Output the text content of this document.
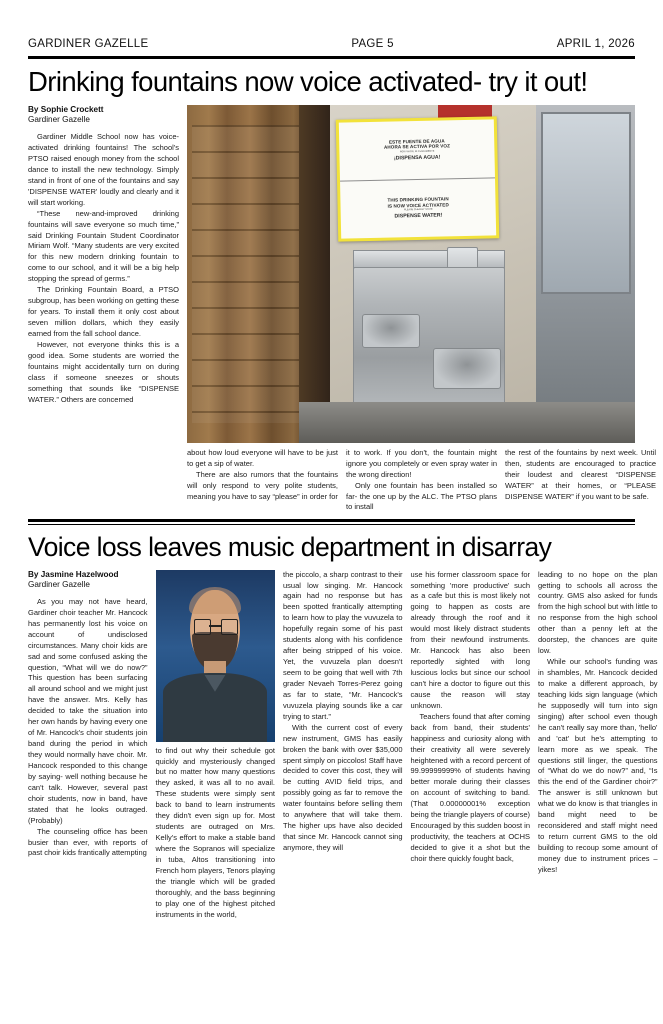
GARDINER GAZELLE	PAGE 5	APRIL 1, 2026
Drinking fountains now voice activated- try it out!
By Sophie Crockett
Gardiner Gazelle

Gardiner Middle School now has voice-activated drinking fountains! The school's PTSO raised enough money from the school dance to install the new technology. Simply stand in front of one of the fountains and say 'DISPENSE WATER' loudly and clearly and it will start working.

“These new-and-improved drinking fountains will save everyone so much time,” said Drinking Fountain Student Coordinator Miriam Wolf. “Many students are very excited for this new modern drinking fountain to come to our school, and it will be a big help stopping the spread of germs.”

The Drinking Fountain Board, a PTSO subgroup, has been working on getting these for years. To install them it only cost about seven million dollars, which they easily earned from the fall school dance.

However, not everyone thinks this is a good idea. Some students are worried the fountains might accidentally turn on during class if someone sneezes or shouts something that sounds like “DISPENSE WATER.” Others are concerned

ESTE FUENTE DE AGUA
AHORA SE ACTIVA POR VOZ
POR FAVOR, DI CLARAMENTE
¡DISPENSA AGUA!
THIS DRINKING FOUNTAIN
IS NOW VOICE ACTIVATED
PLEASE CLEARLY STATE
DISPENSE WATER!

about how loud everyone will have to be just to get a sip of water.

There are also rumors that the fountains will only respond to very polite students, meaning you have to say “please” in order for

it to work. If you don't, the fountain might ignore you completely or even spray water in the wrong direction!

Only one fountain has been installed so far- the one up by the ALC. The PTSO plans to install

the rest of the fountains by next week. Until then, students are encouraged to practice their loudest and clearest “DISPENSE WATER” at their homes, or “PLEASE DISPENSE WATER” if you want to be safe.

Voice loss leaves music department in disarray
By Jasmine Hazelwood
Gardiner Gazelle

As you may not have heard, Gardiner choir teacher Mr. Hancock has permanently lost his voice on account of undisclosed circumstances. Many choir kids are sad and some confused asking the question, “What will we do now?” This question has been surfacing all around school and we might just have the answer. Mrs. Kelly has decided to take the situation into her own hands by having every one of Mr. Hancock's choir students join band during the period in which they would normally have choir. Mr. Hancock responded to this change by saying- well nothing because he can't talk. However, several past choir students, now in band, have stated that he looks outraged. (Probably)

The counseling office has been busier than ever, with reports of past choir kids frantically attempting

to find out why their schedule got quickly and mysteriously changed but no matter how many questions they asked, it was all to no avail. These students were simply sent back to band to learn instruments they didn't even sign up for. Most students are outraged on Mrs. Kelly's effort to make a stable band where the Sopranos will specialize in tuba, Altos transitioning into French horn players, Tenors playing the triangle which will be graded thoroughly, and the bass beginning to play one of the highest pitched instruments in the world,

the piccolo, a sharp contrast to their usual low singing. Mr. Hancock again had no response but has been spotted frantically attempting to learn how to play the vuvuzela to hopefully regain some of his past students along with his confidence after being stripped of his voice. Yet, the vuvuzela plan doesn't seem to be going that well with 7th grader Nevaeh Torres-Perez going as far to state, “Mr. Hancock's vuvuzela playing sounds like a car trying to start.”

With the current cost of every new instrument, GMS has easily broken the bank with over $35,000 spent simply on piccolos! Staff have decided to cover this cost, they will be cutting AVID field trips, and possibly going as far to remove the water fountains before selling them to anywhere that will take them. The higher ups have also decided that since Mr. Hancock cannot sing anymore, they will

use his former classroom space for something 'more productive' such as a cafe but this is most likely not going to happen as costs are already through the roof and it would most likely distract students from their newfound instruments. Mr. Hancock has also been reportedly sighted with long luscious locks but since our school can't hire a doctor to figure out this cause the reason will stay unknown.

Teachers found that after coming back from band, their students' happiness and curiosity along with their creativity all were severely heightened with a record percent of 99.99999999% of students having better morale during their classes on account of switching to band. (That 0.00000001% exception being the triangle players of course) Encouraged by this sudden boost in productivity, the teachers at OCHS decided to give it a shot but the choir there quickly fought back,

leading to no hope on the plan getting to schools all across the country. GMS also asked for funds from the high school but with little to no response from the high school other than a penny left at the doorstep, the chances are quite low.

While our school's funding was in shambles, Mr. Hancock decided to make a different approach, by teaching kids sign language (which he supposedly will turn into sign singing) after school even though he can't really say more than, 'hello' and 'cat' but he's attempting to learn more as we speak. The questions still linger, the questions of “What do we do now?” and, “Is this the end of the Gardiner choir?” The answer is still unknown but what we do know is that triangles in band might need to be reconsidered and staff might need to return current GMS to the old building to recoup some amount of money due to instrument prices – yikes!
